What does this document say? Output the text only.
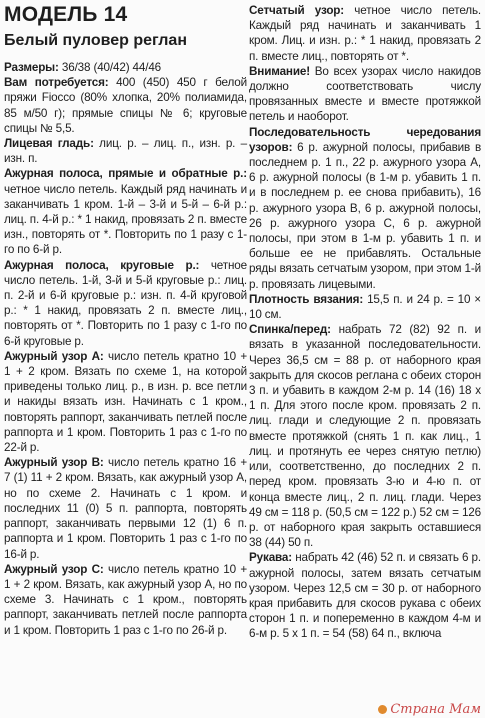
МОДЕЛЬ 14
Белый пуловер реглан

Размеры: 36/38 (40/42) 44/46

Вам потребуется: 400 (450) 450 г белой пряжи Fiocco (80% хлопка, 20% полиамида, 85 м/50 г); прямые спицы № 6; круговые спицы № 5,5.

Лицевая гладь: лиц. р. – лиц. п., изн. р. – изн. п.

Ажурная полоса, прямые и обратные р.: четное число петель. Каждый ряд начинать и заканчивать 1 кром. 1-й – 3-й и 5-й – 6-й р.: лиц. п. 4-й р.: * 1 накид, провязать 2 п. вместе изн., повторять от *. Повторить по 1 разу с 1-го по 6-й р.

Ажурная полоса, круговые р.: четное число петель. 1-й, 3-й и 5-й круговые р.: лиц. п. 2-й и 6-й круговые р.: изн. п. 4-й круговой р.: * 1 накид, провязать 2 п. вместе лиц., повторять от *. Повторить по 1 разу с 1-го по 6-й круговые р.

Ажурный узор А: число петель кратно 10 + 1 + 2 кром. Вязать по схеме 1, на которой приведены только лиц. р., в изн. р. все петли и накиды вязать изн. Начинать с 1 кром., повторять раппорт, заканчивать петлей после раппорта и 1 кром. Повторить 1 раз с 1-го по 22-й р.

Ажурный узор В: число петель кратно 16 + 7 (1) 11 + 2 кром. Вязать, как ажурный узор А, но по схеме 2. Начинать с 1 кром. и последних 11 (0) 5 п. раппорта, повторять раппорт, заканчивать первыми 12 (1) 6 п. раппорта и 1 кром. Повторить 1 раз с 1-го по 16-й р.

Ажурный узор С: число петель кратно 10 + 1 + 2 кром. Вязать, как ажурный узор А, но по схеме 3. Начинать с 1 кром., повторять раппорт, заканчивать петлей после раппорта и 1 кром. Повторить 1 раз с 1-го по 26-й р.

Сетчатый узор: четное число петель. Каждый ряд начинать и заканчивать 1 кром. Лиц. и изн. р.: * 1 накид, провязать 2 п. вместе лиц., повторять от *.

Внимание! Во всех узорах число накидов должно соответствовать числу провязанных вместе и вместе протяжкой петель и наоборот.

Последовательность чередования узоров: 6 р. ажурной полосы, прибавив в последнем р. 1 п., 22 р. ажурного узора А, 6 р. ажурной полосы (в 1-м р. убавить 1 п. и в последнем р. ее снова прибавить), 16 р. ажурного узора В, 6 р. ажурной полосы, 26 р. ажурного узора С, 6 р. ажурной полосы, при этом в 1-м р. убавить 1 п. и больше ее не прибавлять. Остальные ряды вязать сетчатым узором, при этом 1-й р. провязать лицевыми.

Плотность вязания: 15,5 п. и 24 р. = 10 × 10 см.

Спинка/перед: набрать 72 (82) 92 п. и вязать в указанной последовательности. Через 36,5 см = 88 р. от наборного края закрыть для скосов реглана с обеих сторон 3 п. и убавить в каждом 2-м р. 14 (16) 18 x 1 п. Для этого после кром. провязать 2 п. лиц. глади и следующие 2 п. провязать вместе протяжкой (снять 1 п. как лиц., 1 лиц. и протянуть ее через снятую петлю) или, соответственно, до последних 2 п. перед кром. провязать 3-ю и 4-ю п. от конца вместе лиц., 2 п. лиц. глади. Через 49 см = 118 р. (50,5 см = 122 р.) 52 см = 126 р. от наборного края закрыть оставшиеся 38 (44) 50 п.

Рукава: набрать 42 (46) 52 п. и связать 6 р. ажурной полосы, затем вязать сетчатым узором. Через 12,5 см = 30 р. от наборного края прибавить для скосов рукава с обеих сторон 1 п. и попеременно в каждом 4-м и 6-м р. 5 x 1 п. = 54 (58) 64 п., включа

Страна Мам
